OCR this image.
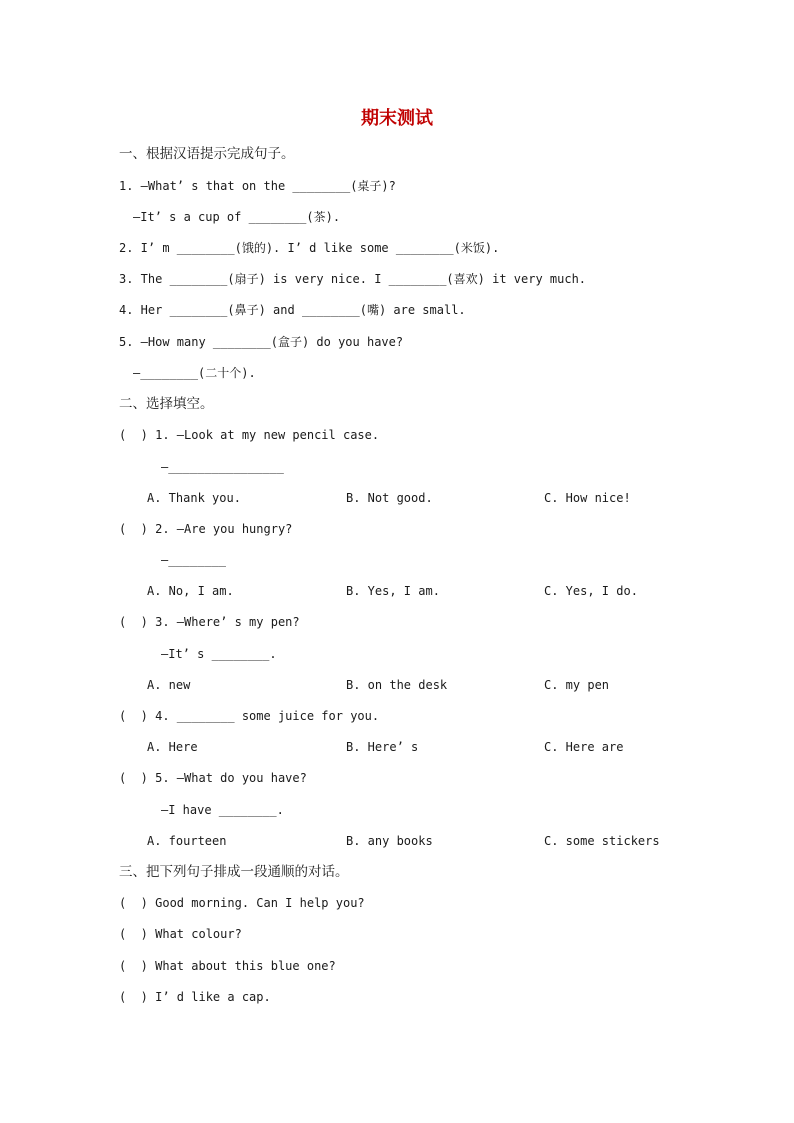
期末测试
一、根据汉语提示完成句子。
1. —What’ s that on the ________(桌子)?
—It’ s a cup of ________(茶).
2. I’ m ________(饿的). I’ d like some ________(米饭).
3. The ________(扇子) is very nice. I ________(喜欢) it very much.
4. Her ________(鼻子) and ________(嘴) are small.
5. —How many ________(盒子) do you have?
—________(二十个).
二、选择填空。
(  ) 1. —Look at my new pencil case.
—________________
A. Thank you.	B. Not good.	C. How nice!
(  ) 2. —Are you hungry?
—________
A. No, I am.	B. Yes, I am.	C. Yes, I do.
(  ) 3. —Where’ s my pen?
—It’ s ________.
A. new	B. on the desk	C. my pen
(  ) 4. ________ some juice for you.
A. Here	B. Here’ s	C. Here are
(  ) 5. —What do you have?
—I have ________.
A. fourteen	B. any books	C. some stickers
三、把下列句子排成一段通顺的对话。
(  ) Good morning. Can I help you?
(  ) What colour?
(  ) What about this blue one?
(  ) I’ d like a cap.
